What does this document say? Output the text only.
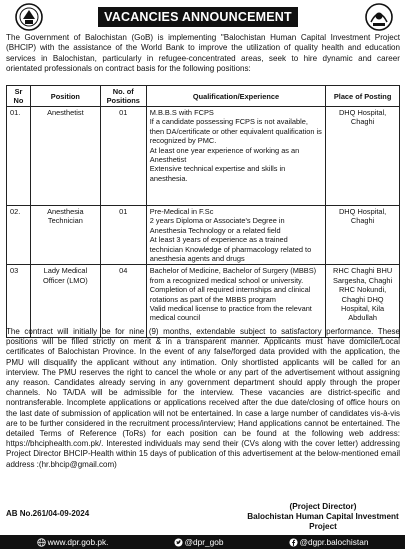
VACANCIES ANNOUNCEMENT

The Government of Balochistan (GoB) is implementing "Balochistan Human Capital Investment Project (BHCIP) with the assistance of the World Bank to improve the utilization of quality health and education services in Balochistan, particularly in refugee-concentrated areas, seek to hire dynamic and career orientated professionals on contract basis for the following positions:

Sr No	Position	No. of Positions	Qualification/Experience	Place of Posting
01.	Anesthetist	01	M.B.B.S with FCPS

If a candidate possessing FCPS is not available, then DA/certificate or other equivalent qualification is recognized by PMC.

At least one year experience of working as an Anesthetist

Extensive technical expertise and skills in anesthesia.	DHQ Hospital, Chaghi
02.	Anesthesia Technician	01	Pre-Medical in F.Sc

2 years Diploma or Associate's Degree in Anesthesia Technology or a related field

At least 3 years of experience as a trained technician Knowledge of pharmacology related to anesthesia agents and drugs	DHQ Hospital, Chaghi
03	Lady Medical Officer (LMO)	04	Bachelor of Medicine, Bachelor of Surgery (MBBS) from a recognized medical school or university.

Completion of all required internships and clinical rotations as part of the MBBS program

Valid medical license to practice from the relevant medical council	RHC Chaghi BHU Sargesha, Chaghi RHC Nokundi, Chaghi DHQ Hospital, Kila Abdullah

The contract will initially be for nine (9) months, extendable subject to satisfactory performance. These positions will be filled strictly on merit & in a transparent manner. Applicants must have domicile/Local certificates of Balochistan Province. In the event of any false/forged data provided with the application, the PMU will disqualify the applicant without any intimation. Only shortlisted applicants will be called for an interview. The PMU reserves the right to cancel the whole or any part of the advertisement without assigning any reason. Candidates already serving in any government department should apply through the proper channels. No TA/DA will be admissible for the interview. These vacancies are district-specific and nontransferable. Incomplete applications or applications received after the due date/closing of office hours on the last date of submission of application will not be entertained. In case a large number of candidates vis-à-vis are to be further considered in the recruitment process/interview; Hand applications cannot be entertained. The detailed Terms of Reference (ToRs) for each position can be found at the following web address: https://bhciphealth.com.pk/. Interested individuals may send their (CVs along with the cover letter) addressing Project Director BHCIP-Health within 15 days of publication of this advertisement at the below-mentioned email address :(hr.bhcip@gmail.com)

AB No.261/04-09-2024
(Project Director)
Balochistan Human Capital Investment Project
www.dpr.gob.pk.	@dpr_gob	@dgpr.balochistan
